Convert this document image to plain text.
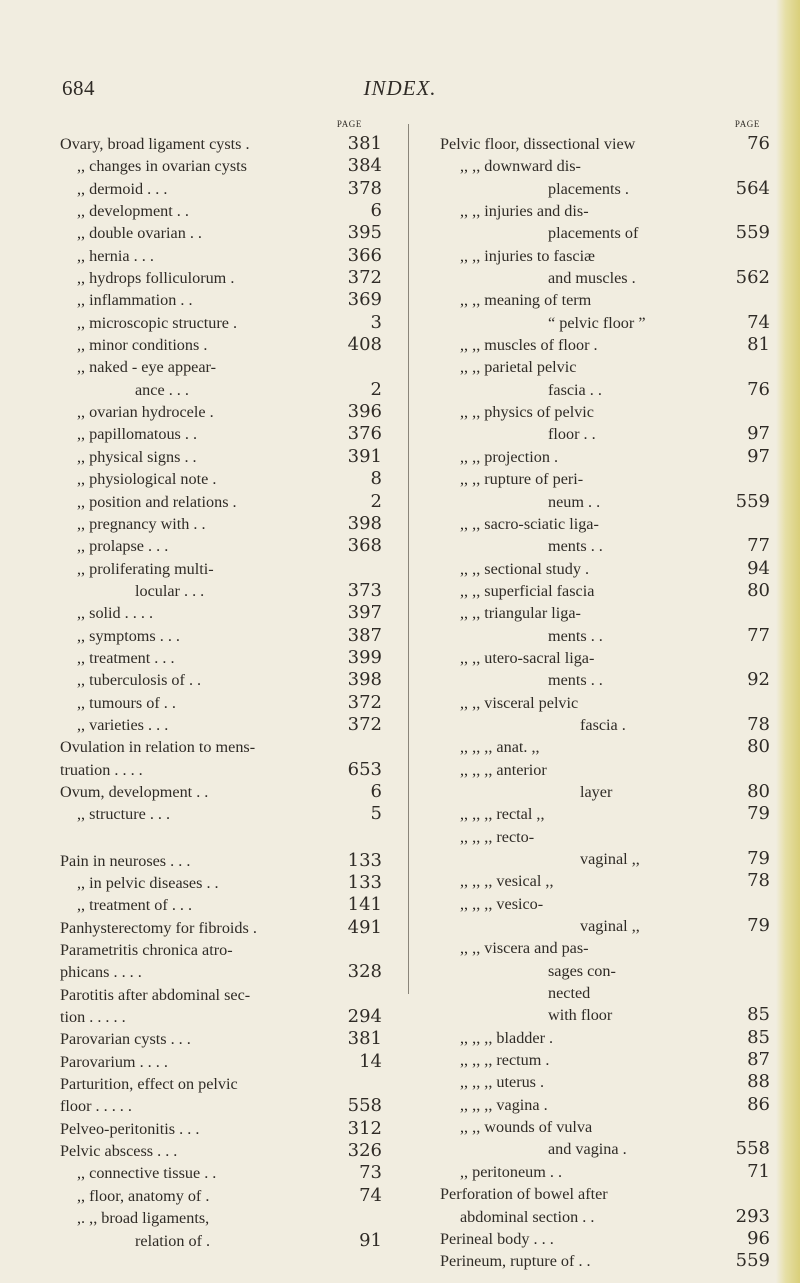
684	INDEX.
PAGE
Ovary, broad ligament cysts .	381
,, changes in ovarian cysts	384
,, dermoid . . .	378
,, development . .	6
,, double ovarian . .	395
,, hernia . . .	366
,, hydrops folliculorum .	372
,, inflammation . .	369
,, microscopic structure .	3
,, minor conditions .	408
,, naked - eye appear-
ance . . .	2
,, ovarian hydrocele .	396
,, papillomatous . .	376
,, physical signs . .	391
,, physiological note .	8
,, position and relations .	2
,, pregnancy with . .	398
,, prolapse . . .	368
,, proliferating multi-
locular . . .	373
,, solid . . . .	397
,, symptoms . . .	387
,, treatment . . .	399
,, tuberculosis of . .	398
,, tumours of . .	372
,, varieties . . .	372
Ovulation in relation to mens-
truation . . . .	653
Ovum, development . .	6
,, structure . . .	5
Pain in neuroses . . .	133
,, in pelvic diseases . .	133
,, treatment of . . .	141
Panhysterectomy for fibroids .	491
Parametritis chronica atro-
phicans . . . .	328
Parotitis after abdominal sec-
tion . . . . .	294
Parovarian cysts . . .	381
Parovarium . . . .	14
Parturition, effect on pelvic
floor . . . . .	558
Pelveo-peritonitis . . .	312
Pelvic abscess . . .	326
,, connective tissue . .	73
,, floor, anatomy of .	74
,. ,, broad ligaments,
relation of .	91
PAGE
Pelvic floor, dissectional view	76
,, ,, downward dis-
placements .	564
,, ,, injuries and dis-
placements of	559
,, ,, injuries to fasciæ
and muscles .	562
,, ,, meaning of term
“ pelvic floor ”	74
,, ,, muscles of floor .	81
,, ,, parietal pelvic
fascia . .	76
,, ,, physics of pelvic
floor . .	97
,, ,, projection .	97
,, ,, rupture of peri-
neum . .	559
,, ,, sacro-sciatic liga-
ments . .	77
,, ,, sectional study .	94
,, ,, superficial fascia	80
,, ,, triangular liga-
ments . .	77
,, ,, utero-sacral liga-
ments . .	92
,, ,, visceral pelvic
fascia .	78
,, ,, ,, anat. ,,	80
,, ,, ,, anterior
layer	80
,, ,, ,, rectal ,,	79
,, ,, ,, recto-
vaginal ,,	79
,, ,, ,, vesical ,,	78
,, ,, ,, vesico-
vaginal ,,	79
,, ,, viscera and pas-
sages con-
nected
with floor	85
,, ,, ,, bladder .	85
,, ,, ,, rectum .	87
,, ,, ,, uterus .	88
,, ,, ,, vagina .	86
,, ,, wounds of vulva
and vagina .	558
,, peritoneum . .	71
Perforation of bowel after
abdominal section . .	293
Perineal body . . .	96
Perineum, rupture of . .	559
